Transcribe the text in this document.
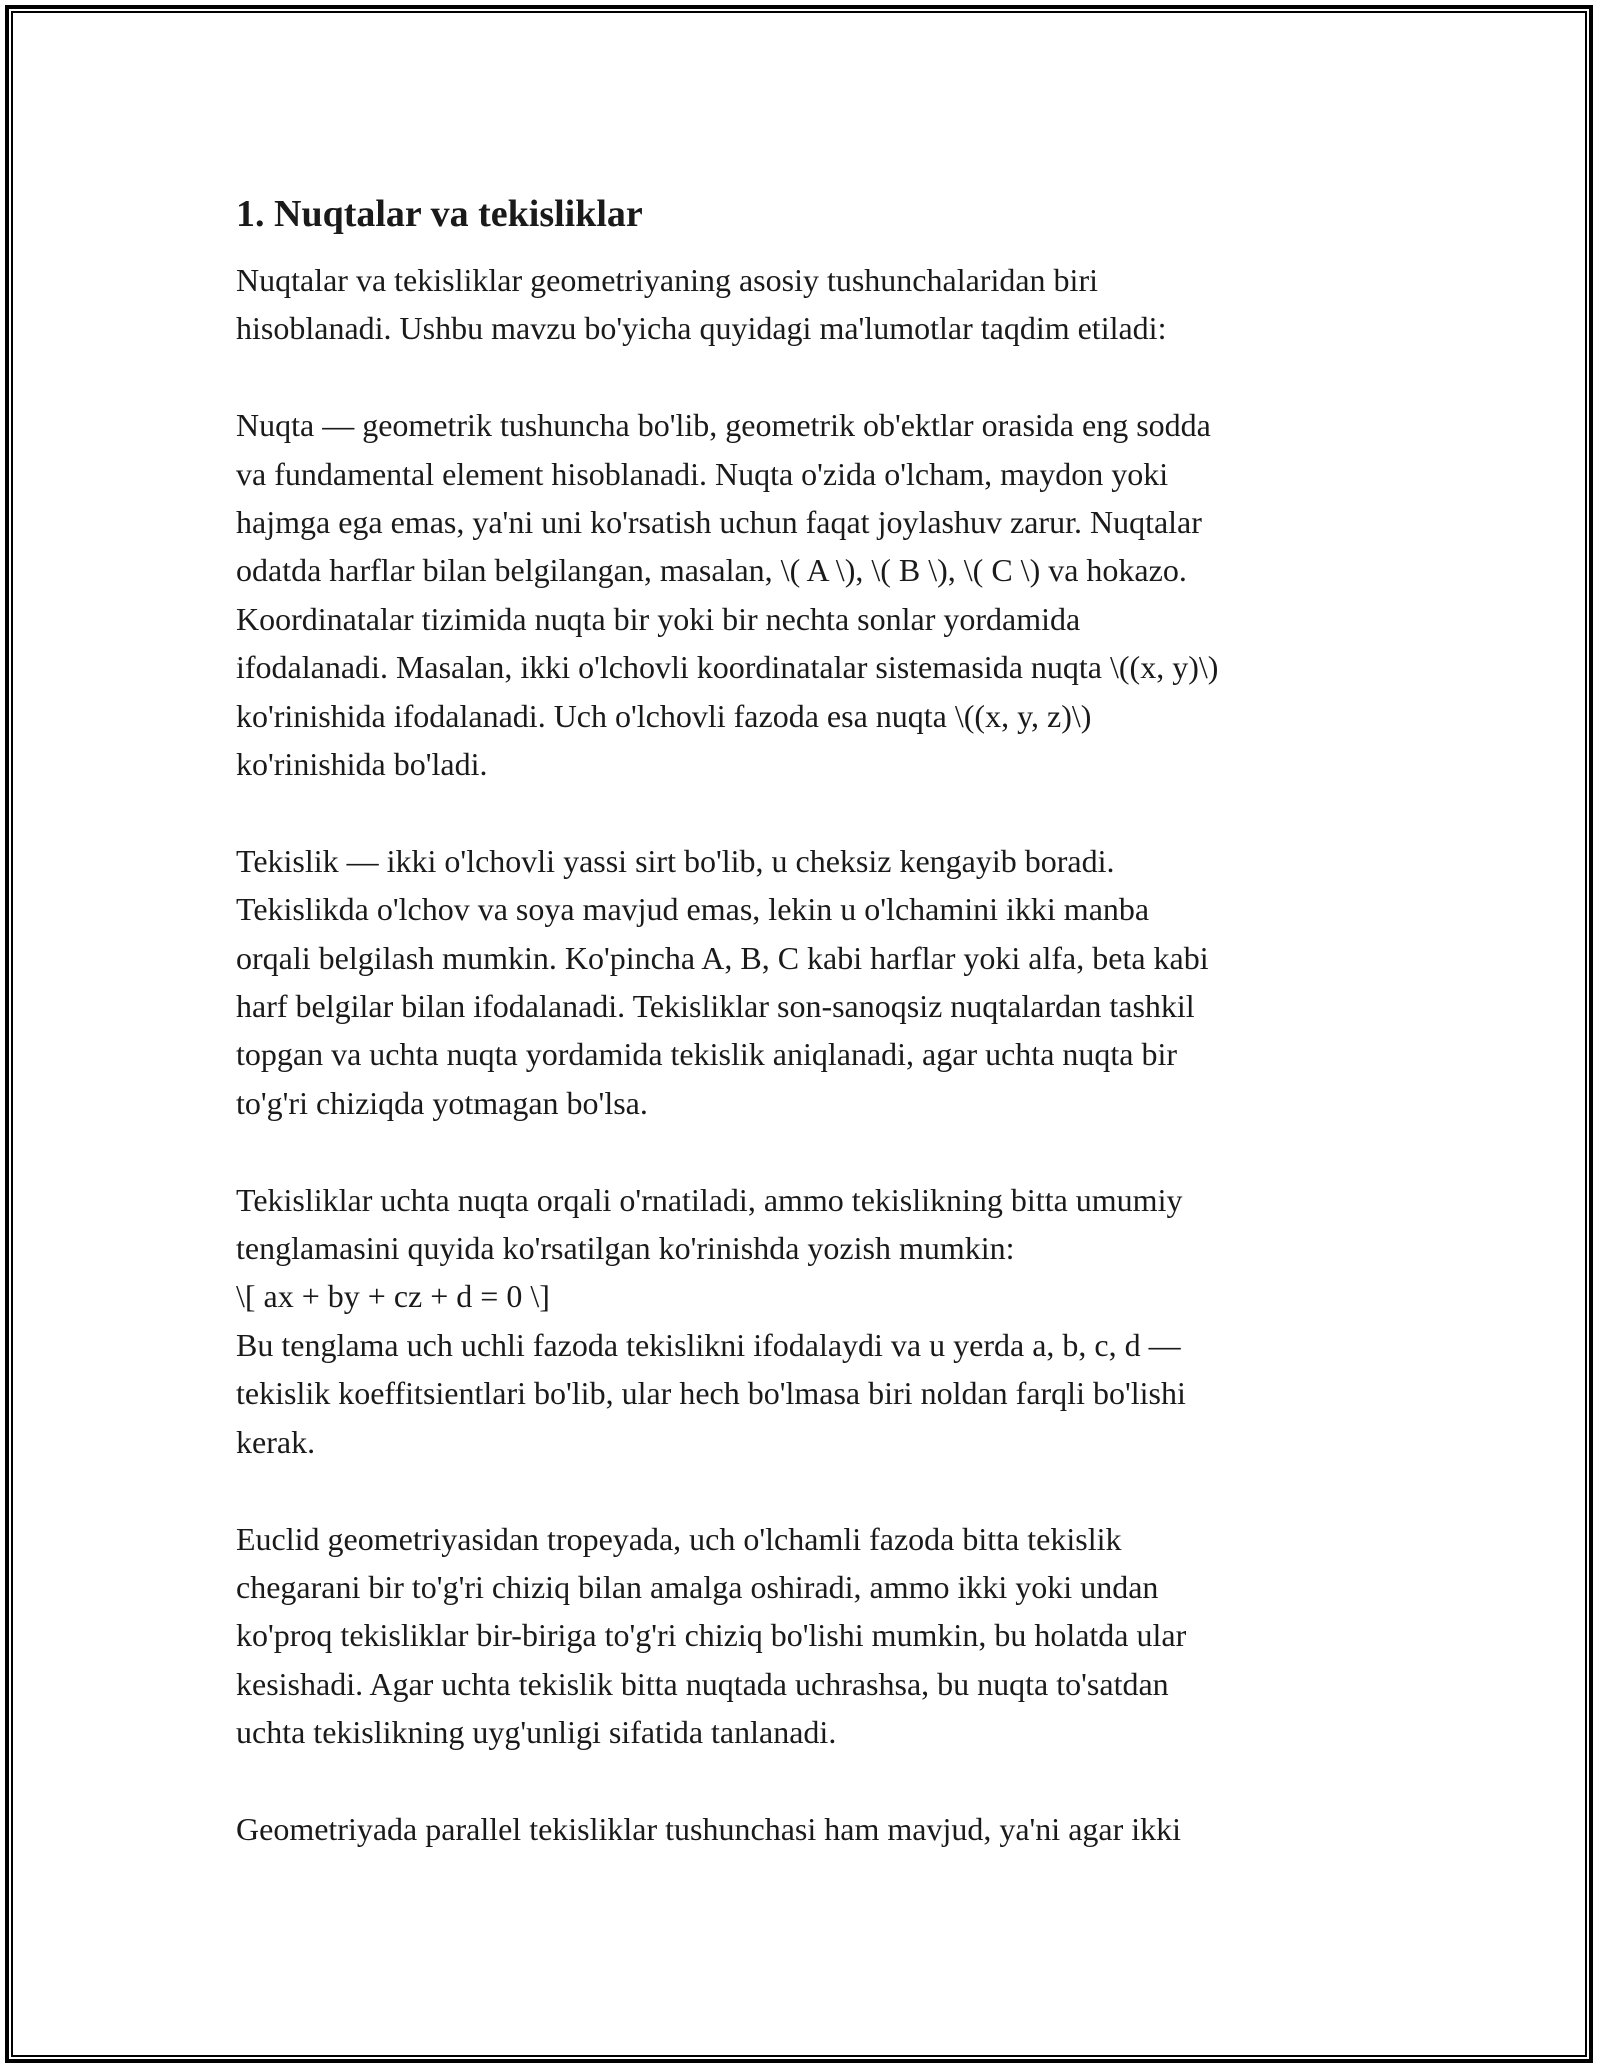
1. Nuqtalar va tekisliklar

Nuqtalar va tekisliklar geometriyaning asosiy tushunchalaridan biri
hisoblanadi. Ushbu mavzu bo'yicha quyidagi ma'lumotlar taqdim etiladi:

Nuqta — geometrik tushuncha bo'lib, geometrik ob'ektlar orasida eng sodda
va fundamental element hisoblanadi. Nuqta o'zida o'lcham, maydon yoki
hajmga ega emas, ya'ni uni ko'rsatish uchun faqat joylashuv zarur. Nuqtalar
odatda harflar bilan belgilangan, masalan, \( A \), \( B \), \( C \) va hokazo.
Koordinatalar tizimida nuqta bir yoki bir nechta sonlar yordamida
ifodalanadi. Masalan, ikki o'lchovli koordinatalar sistemasida nuqta \((x, y)\)
ko'rinishida ifodalanadi. Uch o'lchovli fazoda esa nuqta \((x, y, z)\)
ko'rinishida bo'ladi.

Tekislik — ikki o'lchovli yassi sirt bo'lib, u cheksiz kengayib boradi.
Tekislikda o'lchov va soya mavjud emas, lekin u o'lchamini ikki manba
orqali belgilash mumkin. Ko'pincha A, B, C kabi harflar yoki alfa, beta kabi
harf belgilar bilan ifodalanadi. Tekisliklar son-sanoqsiz nuqtalardan tashkil
topgan va uchta nuqta yordamida tekislik aniqlanadi, agar uchta nuqta bir
to'g'ri chiziqda yotmagan bo'lsa.

Tekisliklar uchta nuqta orqali o'rnatiladi, ammo tekislikning bitta umumiy
tenglamasini quyida ko'rsatilgan ko'rinishda yozish mumkin:
\[ ax + by + cz + d = 0 \]
Bu tenglama uch uchli fazoda tekislikni ifodalaydi va u yerda a, b, c, d —
tekislik koeffitsientlari bo'lib, ular hech bo'lmasa biri noldan farqli bo'lishi
kerak.

Euclid geometriyasidan tropeyada, uch o'lchamli fazoda bitta tekislik
chegarani bir to'g'ri chiziq bilan amalga oshiradi, ammo ikki yoki undan
ko'proq tekisliklar bir-biriga to'g'ri chiziq bo'lishi mumkin, bu holatda ular
kesishadi. Agar uchta tekislik bitta nuqtada uchrashsa, bu nuqta to'satdan
uchta tekislikning uyg'unligi sifatida tanlanadi.

Geometriyada parallel tekisliklar tushunchasi ham mavjud, ya'ni agar ikki
